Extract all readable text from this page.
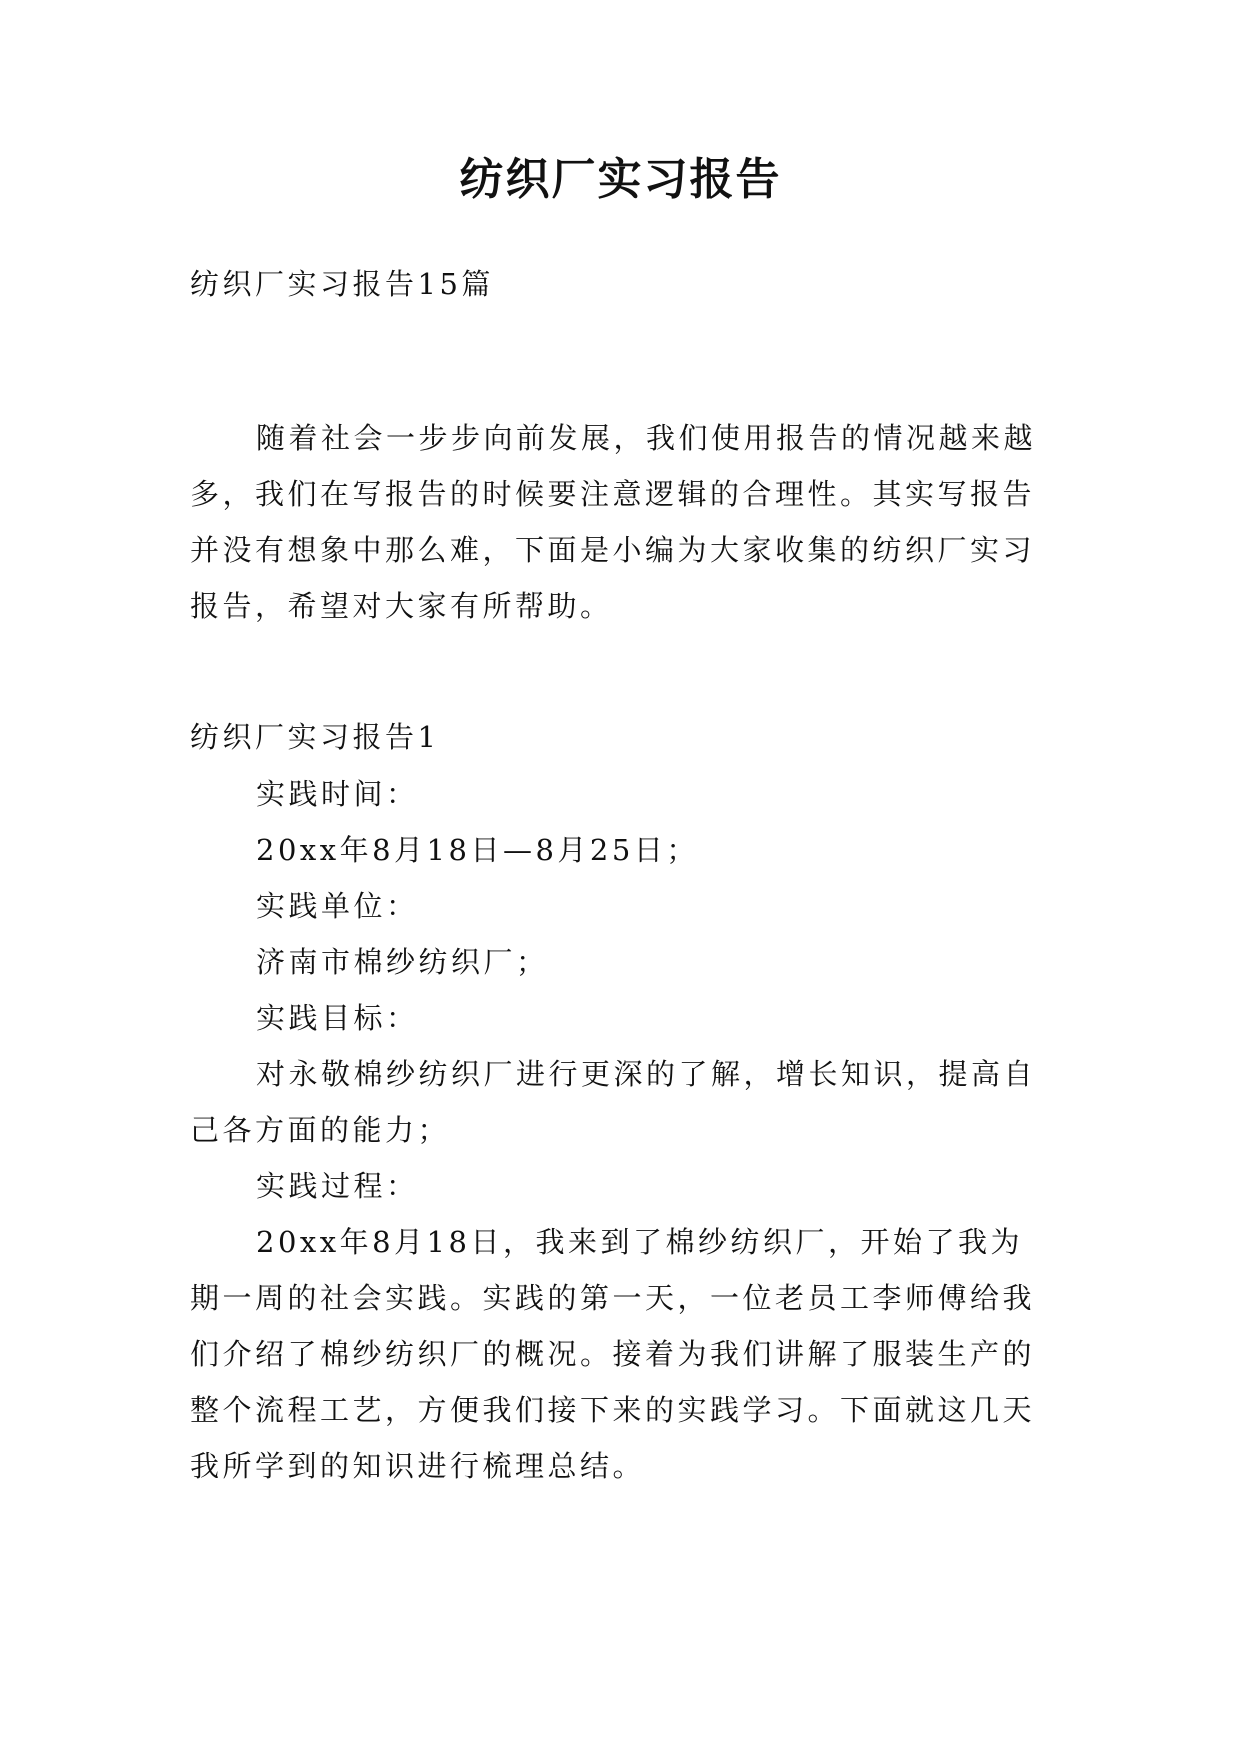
纺织厂实习报告
纺织厂实习报告15篇
随着社会一步步向前发展，我们使用报告的情况越来越
多，我们在写报告的时候要注意逻辑的合理性。其实写报告
并没有想象中那么难，下面是小编为大家收集的纺织厂实习
报告，希望对大家有所帮助。
纺织厂实习报告1
实践时间：
20xx年8月18日—8月25日；
实践单位：
济南市棉纱纺织厂；
实践目标：
对永敬棉纱纺织厂进行更深的了解，增长知识，提高自
己各方面的能力；
实践过程：
20xx年8月18日，我来到了棉纱纺织厂，开始了我为
期一周的社会实践。实践的第一天，一位老员工李师傅给我
们介绍了棉纱纺织厂的概况。接着为我们讲解了服装生产的
整个流程工艺，方便我们接下来的实践学习。下面就这几天
我所学到的知识进行梳理总结。
